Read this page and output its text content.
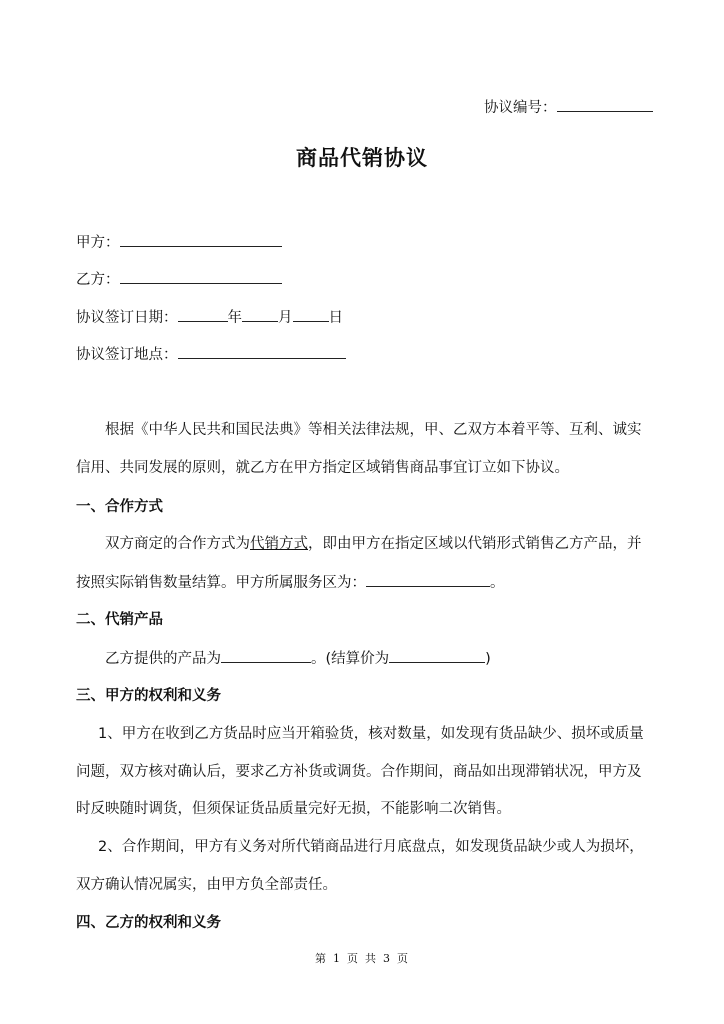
协议编号：
商品代销协议
甲方：
乙方：
协议签订日期：	年 月 日
协议签订地点：
根据《中华人民共和国民法典》等相关法律法规，甲、乙双方本着平等、互利、诚实
信用、共同发展的原则，就乙方在甲方指定区域销售商品事宜订立如下协议。
一、合作方式
双方商定的合作方式为代销方式，即由甲方在指定区域以代销形式销售乙方产品，并
按照实际销售数量结算。甲方所属服务区为：	。
二、代销产品
乙方提供的产品为	。(结算价为	)
三、甲方的权利和义务
1、甲方在收到乙方货品时应当开箱验货，核对数量，如发现有货品缺少、损坏或质量
问题，双方核对确认后，要求乙方补货或调货。合作期间，商品如出现滞销状况，甲方及
时反映随时调货，但须保证货品质量完好无损，不能影响二次销售。
2、合作期间，甲方有义务对所代销商品进行月底盘点，如发现货品缺少或人为损坏，
双方确认情况属实，由甲方负全部责任。
四、乙方的权利和义务
第 1 页 共 3 页
